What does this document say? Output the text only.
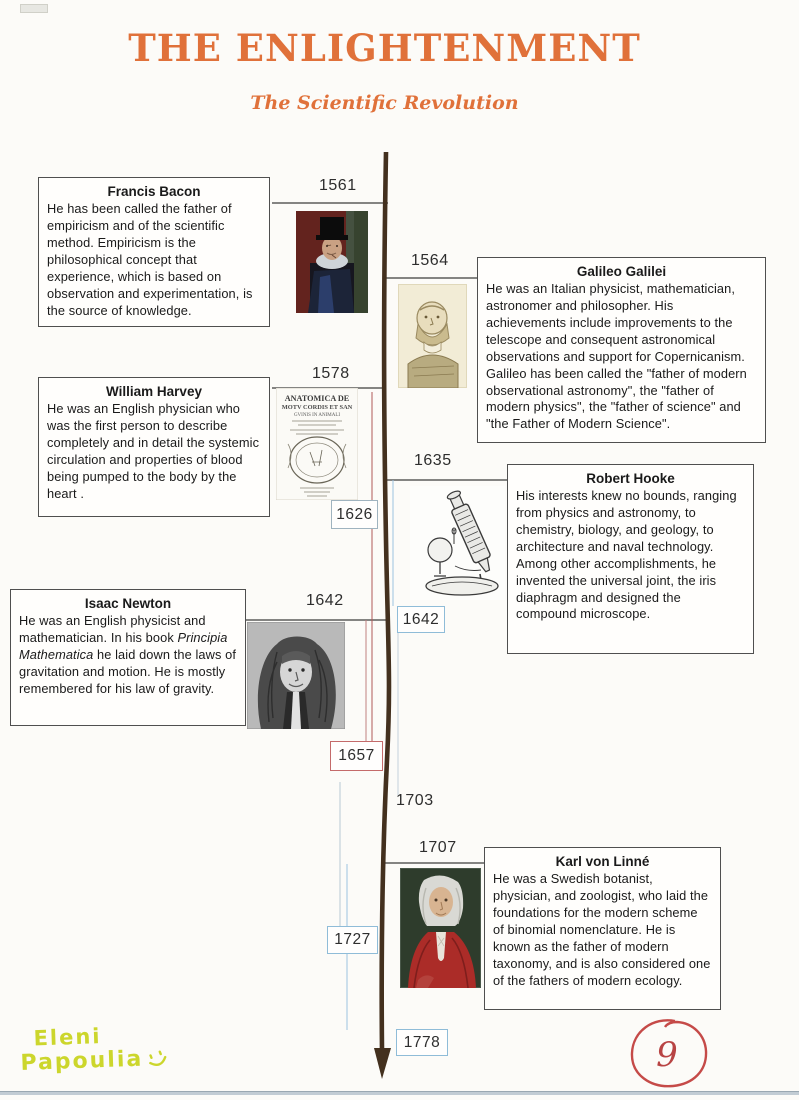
THE ENLIGHTENMENT
The Scientific Revolution
Francis Bacon
He has been called the father of empiricism and of the scientific method. Empiricism is the philosophical concept that experience, which is based on observation and experimentation, is the source of knowledge.
Galileo Galilei
He was an Italian physicist, mathematician, astronomer and philosopher. His achievements include improvements to the telescope and consequent astronomical observations and support for Copernicanism. Galileo has been called the "father of modern observational astronomy", the "father of modern physics", the "father of science" and "the Father of Modern Science".
William Harvey
He was an English physician who was the first person to describe completely and in detail the systemic circulation and properties of blood being pumped to the body by the heart .
Robert Hooke
His interests knew no bounds, ranging from physics and astronomy, to chemistry, biology, and geology, to architecture and naval technology. Among other accomplishments, he invented the universal joint, the iris diaphragm and designed the compound microscope.
Isaac Newton
He was an English physicist and mathematician. In his book Principia Mathematica he laid down the laws of gravitation and motion. He is mostly remembered for his law of gravity.
Karl von Linné
He was a Swedish botanist, physician, and zoologist, who laid the foundations for the modern scheme of binomial nomenclature. He is known as the father of modern taxonomy, and is also considered one of the fathers of modern ecology.
1561
1564
1578
1635
1642
1703
1707
1626
1642
1657
1727
1778
ANATOMICA DE
MOTV CORDIS ET SAN
GVINIS IN ANIMALI
Eleni
Papoulia	9
